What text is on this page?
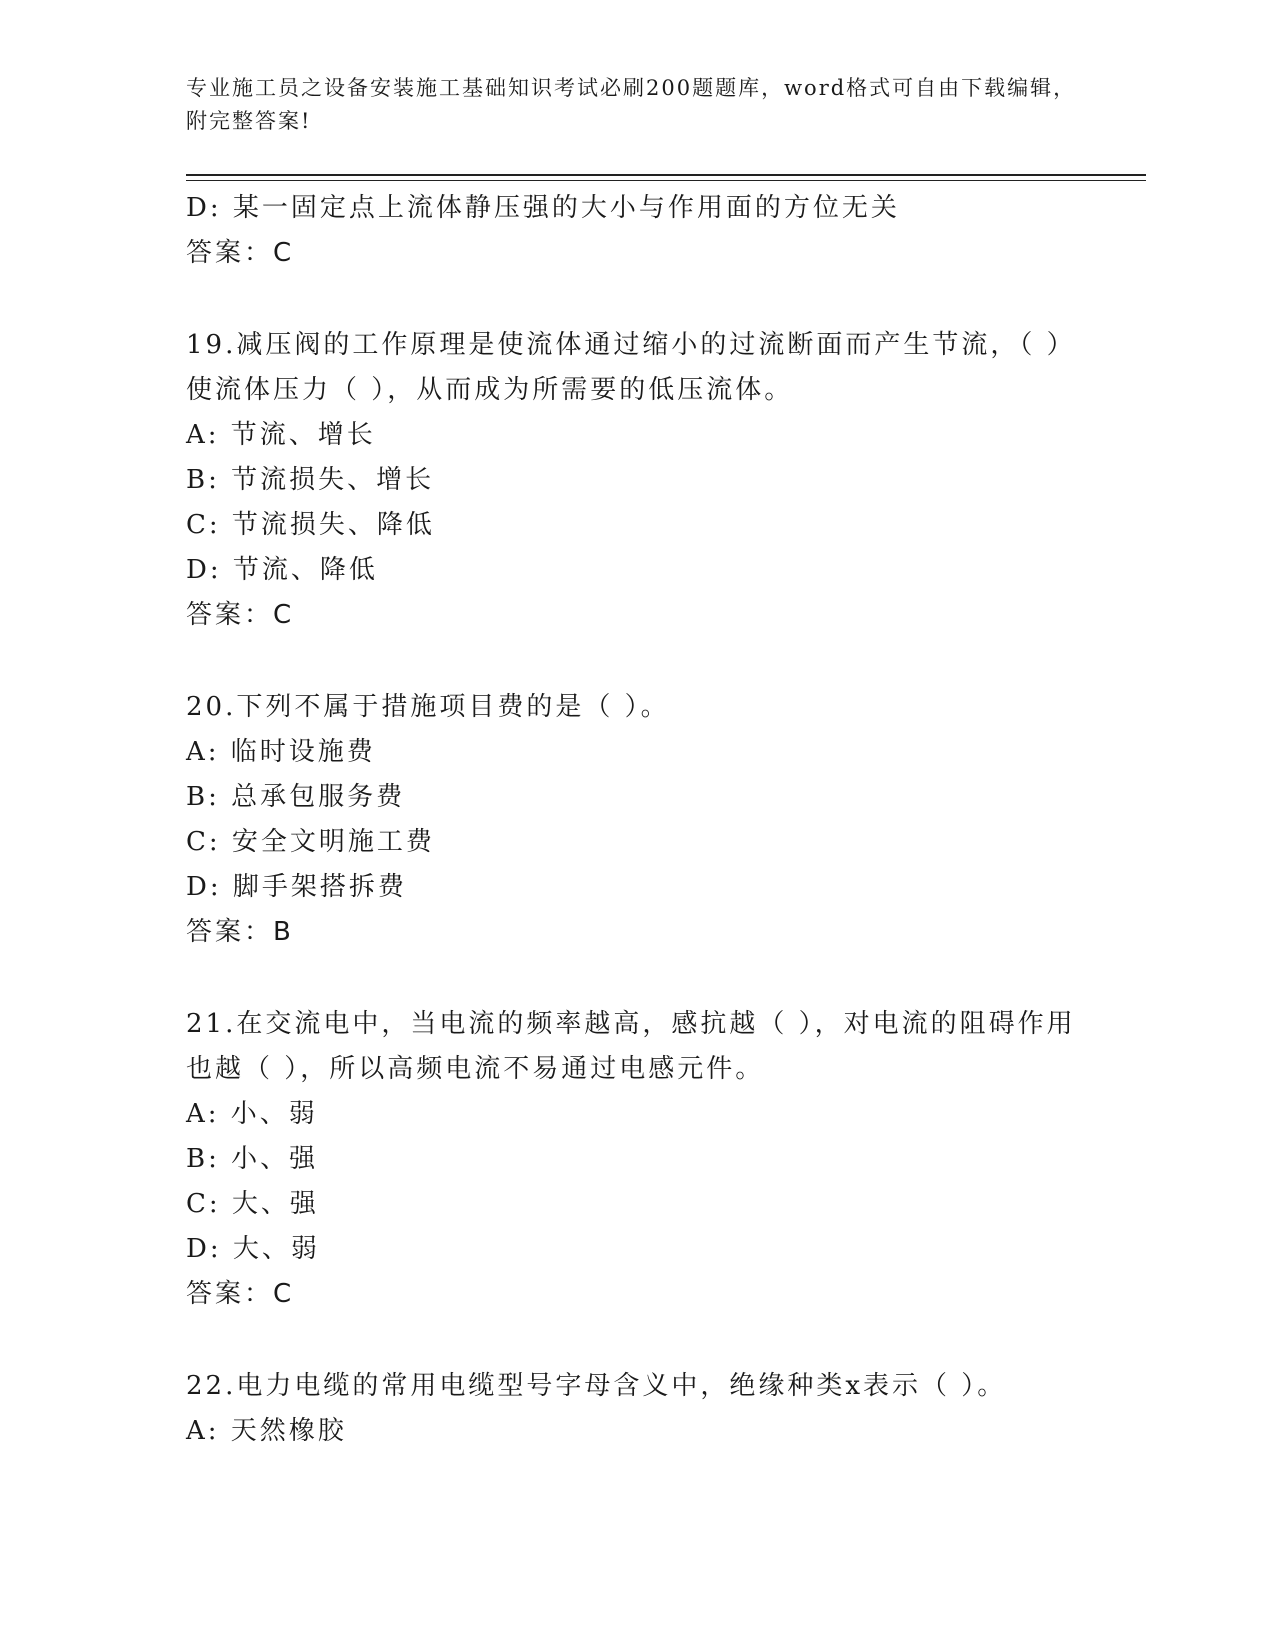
专业施工员之设备安装施工基础知识考试必刷200题题库，word格式可自由下载编辑，附完整答案!
D: 某一固定点上流体静压强的大小与作用面的方位无关
答案：C
19.减压阀的工作原理是使流体通过缩小的过流断面而产生节流，（ ）使流体压力（ ），从而成为所需要的低压流体。
A: 节流、增长
B: 节流损失、增长
C: 节流损失、降低
D: 节流、降低
答案：C
20.下列不属于措施项目费的是（ ）。
A: 临时设施费
B: 总承包服务费
C: 安全文明施工费
D: 脚手架搭拆费
答案：B
21.在交流电中，当电流的频率越高，感抗越（ ），对电流的阻碍作用也越（ ），所以高频电流不易通过电感元件。
A: 小、弱
B: 小、强
C: 大、强
D: 大、弱
答案：C
22.电力电缆的常用电缆型号字母含义中，绝缘种类x表示（ ）。
A: 天然橡胶
